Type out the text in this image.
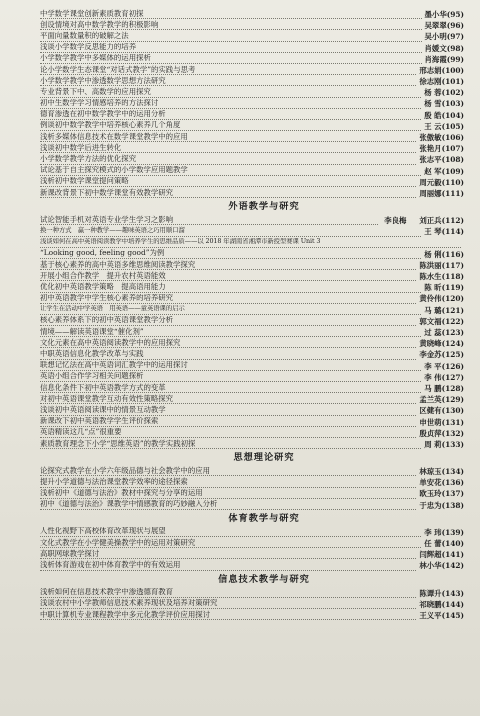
中学数学课堂创新素质教育初探	墨小华 (95)
创设情境对高中数学教学的积极影响	吴翠翠 (96)
平面向量数量积的破解之法	吴小明 (97)
浅谈小学数学反思能力的培养	肖媛文 (98)
小学数学教学中多媒体的运用探析	肖海霞 (99)
论小学数学生态课堂“对话式教学”的实践与思考	邢志娟 (100)
小学数学教学中渗透数学思想方法研究	徐志刚 (101)
专业背景下中、高数学的应用探究	杨 蓉 (102)
初中生数学学习情感培养的方法探讨	杨 雪 (103)
德育渗透在初中数学教学中的运用分析	殷 皓 (104)
例谈初中数学教学中培养核心素养几个角度	王 云 (105)
浅析多媒体信息技术在数学课堂教学中的应用	张傲敏 (106)
浅谈初中数学后进生转化	张艳月 (107)
小学数学教学方法的优化探究	张志平 (108)
试论基于自主探究模式的小学数学应用题教学	赵 军 (109)
浅析初中数学课堂提问策略	周元毅 (110)
新课改背景下初中数学课堂有效教学研究	周丽娜 (111)
外语教学与研究
试论智能手机对英语专业学生学习之影响	李良梅 刘正兵 (112)
换一种方式　赢一种教学——趣味英语之巧用顺口溜	王 琴 (114)
浅谈如何在高中英语阅读教学中培养学生的思维品质——以 2018 年湖南省湘潭市新授型赛课 Unit 3
“Looking good, feeling good”为例	杨 俐 (116)
基于核心素养的高中英语多维思维阅读教学探究	陈洪丽 (117)
开展小组合作教学　提升农村英语能效	陈水生 (118)
优化初中英语教学策略　提高语用能力	陈 昕 (119)
初中英语教学中学生核心素养的培养研究	黄伶伟 (120)
让学生在活动中学英语　用英语——童英语课的启示	马 璐 (121)
核心素养体系下的初中英语课堂教学分析	郭文福 (122)
情境——解读英语课堂“催化剂”	过 蕊 (123)
文化元素在高中英语阅读教学中的应用探究	黄晓峰 (124)
中职英语信息化教学改革与实践	李金苏 (125)
联想记忆法在高中英语词汇教学中的运用探讨	李 平 (126)
英语小组合作学习相关问题探析	李 伟 (127)
信息化条件下初中英语教学方式的变革	马 鹏 (128)
对初中英语课堂教学互动有效性策略探究	孟兰英 (129)
浅谈初中英语阅读课中的情景互动教学	区健有 (130)
新课改下初中英语教学学生评价探索	申世萌 (131)
英语精读这几“点”很重要	殷贞萍 (132)
素质教育理念下小学“思维英语”的教学实践初探	周 莉 (133)
思想理论研究
论探究式教学在小学六年级品德与社会教学中的应用	林琼玉 (134)
提升小学道德与法治课堂教学效率的途径探索	单安花 (136)
浅析初中《道德与法治》教材中探究与分享的运用	欧玉玲 (137)
初中《道德与法治》课教学中情感教育的巧妙融入分析	于忠为 (138)
体育教学与研究
人性化视野下高校体育改革现状与展望	李 玮 (139)
文化式教学在小学健美操教学中的运用对策研究	任 蕾 (140)
高职网球教学探讨	闫辉超 (141)
浅析体育游戏在初中体育教学中的有效运用	林小华 (142)
信息技术教学与研究
浅析如何在信息技术教学中渗透德育教育	陈谭升 (143)
浅谈农村中小学教师信息技术素养现状及培养对策研究	祁晓鹏 (144)
中职计算机专业课程教学中多元化教学评价应用探讨	王义平 (145)
